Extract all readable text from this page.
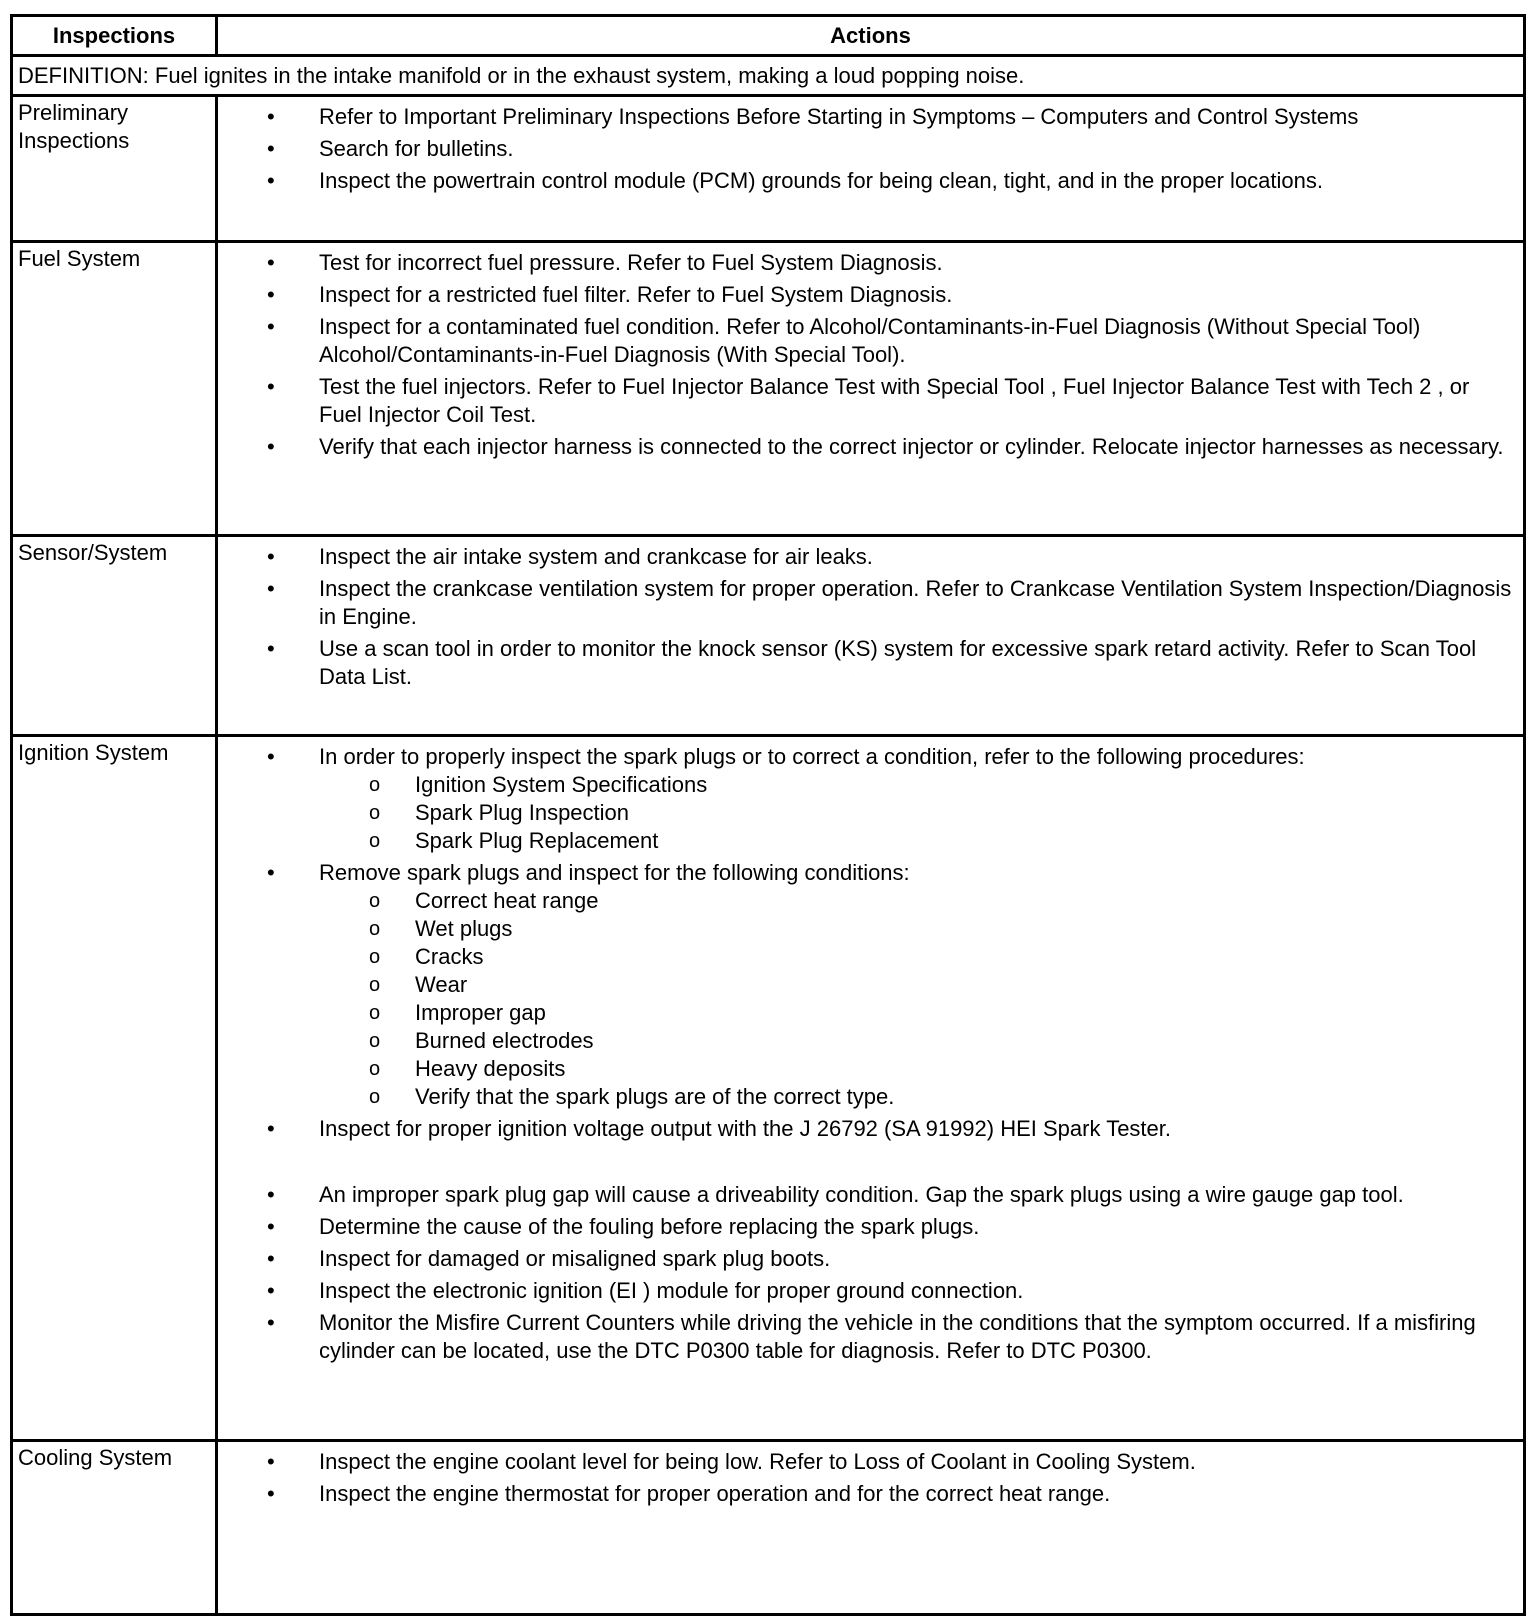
Inspections	Actions
DEFINITION: Fuel ignites in the intake manifold or in the exhaust system, making a loud popping noise.
Preliminary Inspections
• Refer to Important Preliminary Inspections Before Starting in Symptoms – Computers and Control Systems
• Search for bulletins.
• Inspect the powertrain control module (PCM) grounds for being clean, tight, and in the proper locations.
Fuel System	• Test for incorrect fuel pressure. Refer to Fuel System Diagnosis.
• Inspect for a restricted fuel filter. Refer to Fuel System Diagnosis.
• Inspect for a contaminated fuel condition. Refer to Alcohol/Contaminants-in-Fuel Diagnosis (Without Special Tool) Alcohol/Contaminants-in-Fuel Diagnosis (With Special Tool).
• Test the fuel injectors. Refer to Fuel Injector Balance Test with Special Tool , Fuel Injector Balance Test with Tech 2 , or Fuel Injector Coil Test.
• Verify that each injector harness is connected to the correct injector or cylinder. Relocate injector harnesses as necessary.
Sensor/System	• Inspect the air intake system and crankcase for air leaks.
• Inspect the crankcase ventilation system for proper operation. Refer to Crankcase Ventilation System Inspection/Diagnosis in Engine.
• Use a scan tool in order to monitor the knock sensor (KS) system for excessive spark retard activity. Refer to Scan Tool Data List.
Ignition System	• In order to properly inspect the spark plugs or to correct a condition, refer to the following procedures:
o Ignition System Specifications
o Spark Plug Inspection
o Spark Plug Replacement
• Remove spark plugs and inspect for the following conditions:
o Correct heat range
o Wet plugs
o Cracks
o Wear
o Improper gap
o Burned electrodes
o Heavy deposits
o Verify that the spark plugs are of the correct type.
• Inspect for proper ignition voltage output with the J 26792 (SA 91992) HEI Spark Tester.
• An improper spark plug gap will cause a driveability condition. Gap the spark plugs using a wire gauge gap tool.
• Determine the cause of the fouling before replacing the spark plugs.
• Inspect for damaged or misaligned spark plug boots.
• Inspect the electronic ignition (EI ) module for proper ground connection.
• Monitor the Misfire Current Counters while driving the vehicle in the conditions that the symptom occurred. If a misfiring cylinder can be located, use the DTC P0300 table for diagnosis. Refer to DTC P0300.
Cooling System	• Inspect the engine coolant level for being low. Refer to Loss of Coolant in Cooling System.
• Inspect the engine thermostat for proper operation and for the correct heat range.
